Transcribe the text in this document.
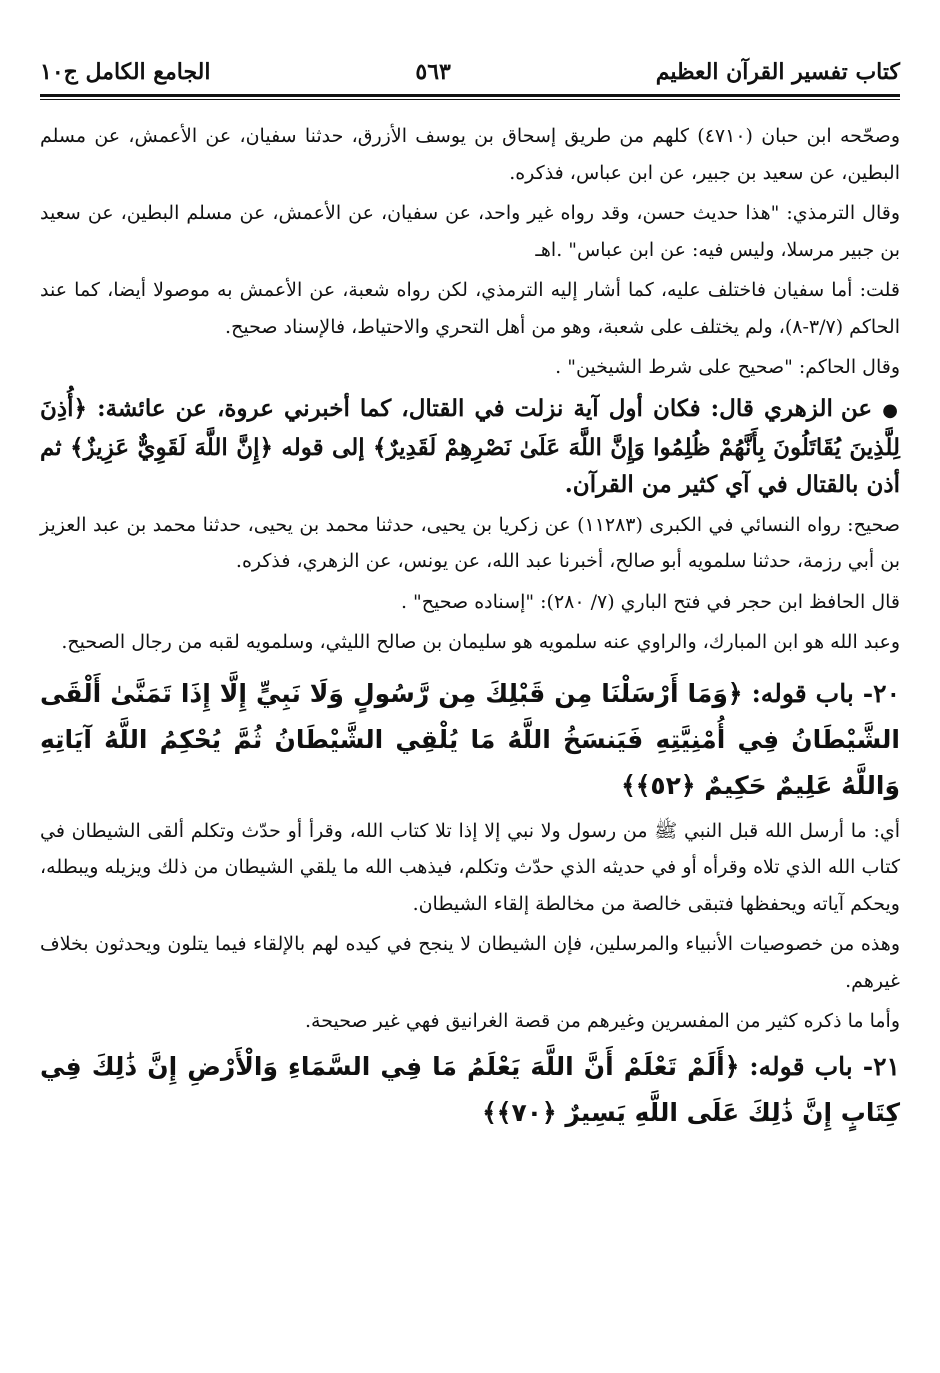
كتاب تفسير القرآن العظيم
٥٦٣
الجامع الكامل ج١٠

وصحّحه ابن حبان (٤٧١٠) كلهم من طريق إسحاق بن يوسف الأزرق، حدثنا سفيان، عن الأعمش، عن مسلم البطين، عن سعيد بن جبير، عن ابن عباس، فذكره.

وقال الترمذي: "هذا حديث حسن، وقد رواه غير واحد، عن سفيان، عن الأعمش، عن مسلم البطين، عن سعيد بن جبير مرسلا، وليس فيه: عن ابن عباس" .اهـ

قلت: أما سفيان فاختلف عليه، كما أشار إليه الترمذي، لكن رواه شعبة، عن الأعمش به موصولا أيضا، كما عند الحاكم (٣/٧-٨)، ولم يختلف على شعبة، وهو من أهل التحري والاحتياط، فالإسناد صحيح.

وقال الحاكم: "صحيح على شرط الشيخين" .

● عن الزهري قال: فكان أول آية نزلت في القتال، كما أخبرني عروة، عن عائشة: ﴿أُذِنَ لِلَّذِينَ يُقَاتَلُونَ بِأَنَّهُمْ ظُلِمُوا وَإِنَّ اللَّهَ عَلَىٰ نَصْرِهِمْ لَقَدِيرٌ﴾ إلى قوله ﴿إِنَّ اللَّهَ لَقَوِيٌّ عَزِيزٌ﴾ ثم أذن بالقتال في آي كثير من القرآن.

صحيح: رواه النسائي في الكبرى (١١٢٨٣) عن زكريا بن يحيى، حدثنا محمد بن يحيى، حدثنا محمد بن عبد العزيز بن أبي رزمة، حدثنا سلمويه أبو صالح، أخبرنا عبد الله، عن يونس، عن الزهري، فذكره.

قال الحافظ ابن حجر في فتح الباري (٧/ ٢٨٠): "إسناده صحيح" .

وعبد الله هو ابن المبارك، والراوي عنه سلمويه هو سليمان بن صالح الليثي، وسلمويه لقبه من رجال الصحيح.

٢٠- باب قوله: ﴿وَمَا أَرْسَلْنَا مِن قَبْلِكَ مِن رَّسُولٍ وَلَا نَبِيٍّ إِلَّا إِذَا تَمَنَّىٰ أَلْقَى الشَّيْطَانُ فِي أُمْنِيَّتِهِ فَيَنسَخُ اللَّهُ مَا يُلْقِي الشَّيْطَانُ ثُمَّ يُحْكِمُ اللَّهُ آيَاتِهِ وَاللَّهُ عَلِيمٌ حَكِيمٌ ﴿٥٢﴾﴾

أي: ما أرسل الله قبل النبي ﷺ من رسول ولا نبي إلا إذا تلا كتاب الله، وقرأ أو حدّث وتكلم ألقى الشيطان في كتاب الله الذي تلاه وقرأه أو في حديثه الذي حدّث وتكلم، فيذهب الله ما يلقي الشيطان من ذلك ويزيله ويبطله، ويحكم آياته ويحفظها فتبقى خالصة من مخالطة إلقاء الشيطان.

وهذه من خصوصيات الأنبياء والمرسلين، فإن الشيطان لا ينجح في كيده لهم بالإلقاء فيما يتلون ويحدثون بخلاف غيرهم.

وأما ما ذكره كثير من المفسرين وغيرهم من قصة الغرانيق فهي غير صحيحة.

٢١- باب قوله: ﴿أَلَمْ تَعْلَمْ أَنَّ اللَّهَ يَعْلَمُ مَا فِي السَّمَاءِ وَالْأَرْضِ إِنَّ ذَٰلِكَ فِي كِتَابٍ إِنَّ ذَٰلِكَ عَلَى اللَّهِ يَسِيرٌ ﴿٧٠﴾﴾
